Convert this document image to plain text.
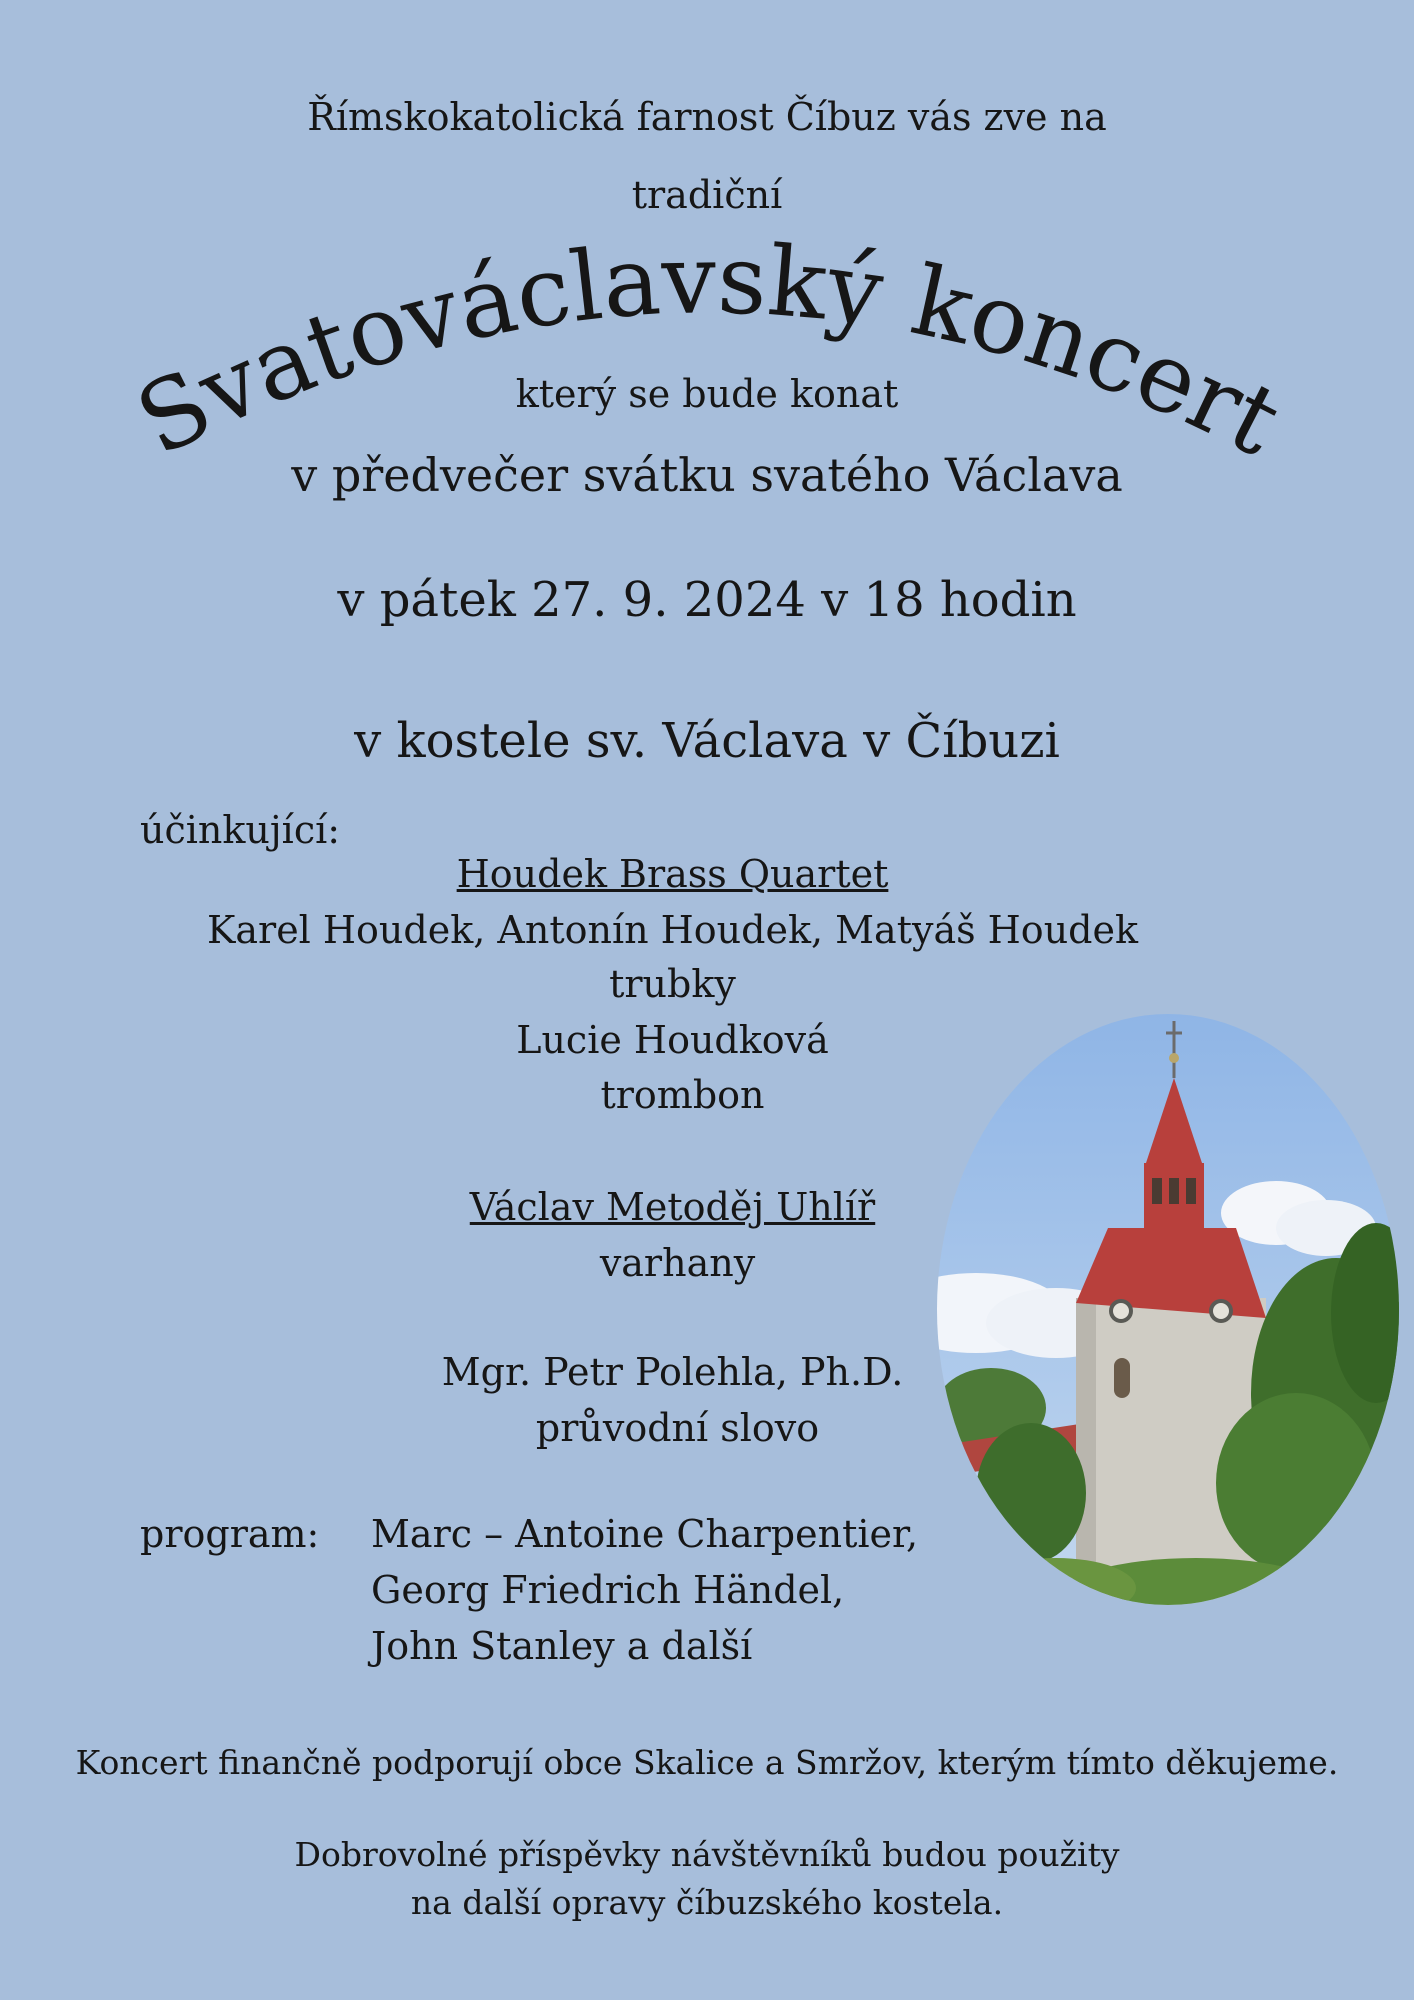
Římskokatolická farnost Číbuz vás zve na
tradiční
Svatováclavský koncert
který se bude konat
v předvečer svátku svatého Václava
v pátek 27. 9. 2024 v 18 hodin
v kostele sv. Václava v Číbuzi
účinkující:
Houdek Brass Quartet
Karel Houdek, Antonín Houdek, Matyáš Houdek
trubky
Lucie Houdková
trombon
Václav Metoděj Uhlíř
varhany
Mgr. Petr Polehla, Ph.D.
průvodní slovo
program: Marc – Antoine Charpentier,
Georg Friedrich Händel,
John Stanley a další
Koncert finančně podporují obce Skalice a Smržov, kterým tímto děkujeme.
Dobrovolné příspěvky návštěvníků budou použity
na další opravy číbuzského kostela.
